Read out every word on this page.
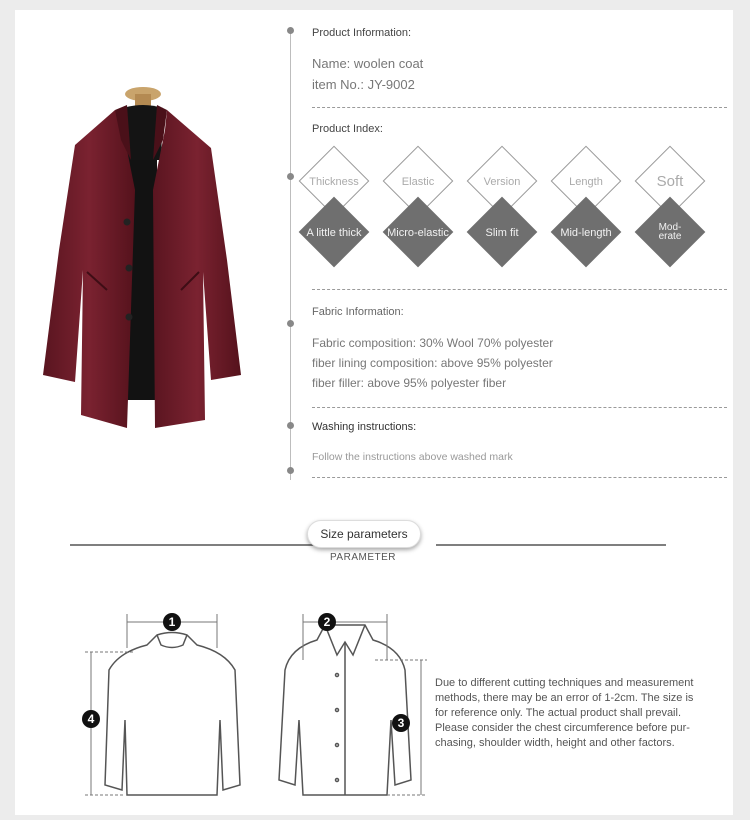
Product Information:
Name: woolen coat
item No.: JY-9002
Product Index:
Thickness
A little thick
Elastic
Micro-elastic
Version
Slim fit
Length
Mid-length
Soft
Mod-
erate
Fabric Information:
Fabric composition: 30% Wool 70% polyester
fiber lining composition: above 95% polyester
fiber filler: above 95% polyester fiber
Washing instructions:
Follow the instructions above washed mark
Size parameters
PARAMETER
1
4
2
3
Due to different cutting techniques and measurement
methods, there may be an error of 1-2cm. The size is
for reference only. The actual product shall prevail.
Please consider the chest circumference before pur-
chasing, shoulder width, height and other factors.
